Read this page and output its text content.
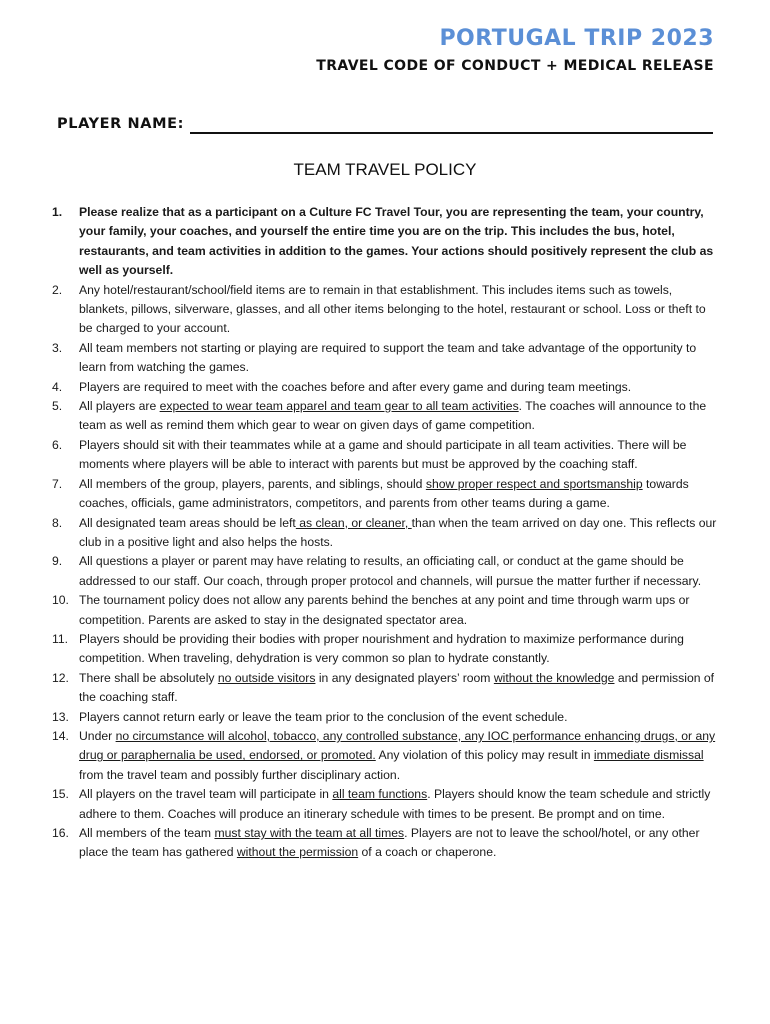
PORTUGAL TRIP 2023
TRAVEL CODE OF CONDUCT + MEDICAL RELEASE
PLAYER NAME:
TEAM TRAVEL POLICY
1.	Please realize that as a participant on a Culture FC Travel Tour, you are representing the team, your country, your family, your coaches, and yourself the entire time you are on the trip. This includes the bus, hotel, restaurants, and team activities in addition to the games. Your actions should positively represent the club as well as yourself.
2.	Any hotel/restaurant/school/field items are to remain in that establishment. This includes items such as towels, blankets, pillows, silverware, glasses, and all other items belonging to the hotel, restaurant or school. Loss or theft to be charged to your account.
3.	All team members not starting or playing are required to support the team and take advantage of the opportunity to learn from watching the games.
4.	Players are required to meet with the coaches before and after every game and during team meetings.
5.	All players are expected to wear team apparel and team gear to all team activities. The coaches will announce to the team as well as remind them which gear to wear on given days of game competition.
6.	Players should sit with their teammates while at a game and should participate in all team activities. There will be moments where players will be able to interact with parents but must be approved by the coaching staff.
7.	All members of the group, players, parents, and siblings, should show proper respect and sportsmanship towards coaches, officials, game administrators, competitors, and parents from other teams during a game.
8.	All designated team areas should be left as clean, or cleaner, than when the team arrived on day one. This reflects our club in a positive light and also helps the hosts.
9.	All questions a player or parent may have relating to results, an officiating call, or conduct at the game should be addressed to our staff. Our coach, through proper protocol and channels, will pursue the matter further if necessary.
10. The tournament policy does not allow any parents behind the benches at any point and time through warm ups or competition. Parents are asked to stay in the designated spectator area.
11. Players should be providing their bodies with proper nourishment and hydration to maximize performance during competition. When traveling, dehydration is very common so plan to hydrate constantly.
12. There shall be absolutely no outside visitors in any designated players’ room without the knowledge and permission of the coaching staff.
13. Players cannot return early or leave the team prior to the conclusion of the event schedule.
14. Under no circumstance will alcohol, tobacco, any controlled substance, any IOC performance enhancing drugs, or any drug or paraphernalia be used, endorsed, or promoted. Any violation of this policy may result in immediate dismissal from the travel team and possibly further disciplinary action.
15. All players on the travel team will participate in all team functions. Players should know the team schedule and strictly adhere to them. Coaches will produce an itinerary schedule with times to be present. Be prompt and on time.
16. All members of the team must stay with the team at all times. Players are not to leave the school/hotel, or any other place the team has gathered without the permission of a coach or chaperone.
